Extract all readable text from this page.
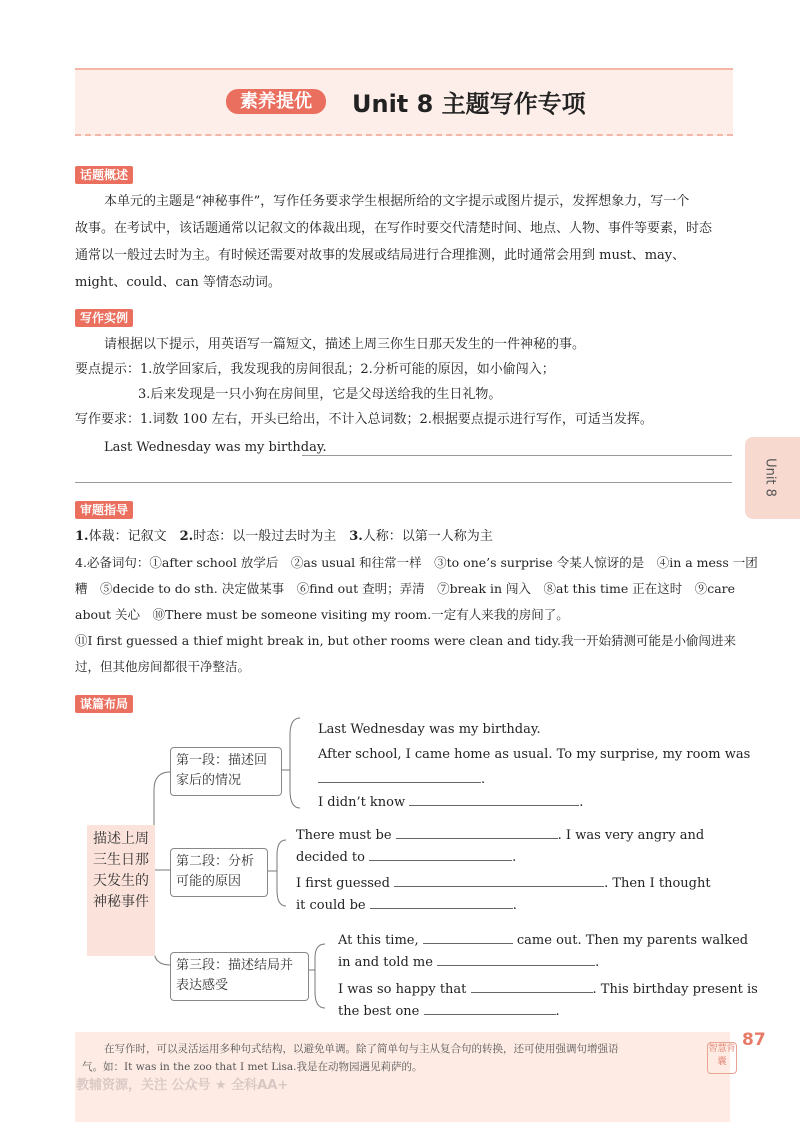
素养提优	Unit 8 主题写作专项
Unit 8
话题概述
本单元的主题是“神秘事件”，写作任务要求学生根据所给的文字提示或图片提示，发挥想象力，写一个
故事。在考试中，该话题通常以记叙文的体裁出现，在写作时要交代清楚时间、地点、人物、事件等要素，时态
通常以一般过去时为主。有时候还需要对故事的发展或结局进行合理推测，此时通常会用到 must、may、
might、could、can 等情态动词。
写作实例
请根据以下提示，用英语写一篇短文，描述上周三你生日那天发生的一件神秘的事。
要点提示：1.放学回家后，我发现我的房间很乱；2.分析可能的原因，如小偷闯入；
3.后来发现是一只小狗在房间里，它是父母送给我的生日礼物。
写作要求：1.词数 100 左右，开头已给出，不计入总词数；2.根据要点提示进行写作，可适当发挥。
Last Wednesday was my birthday.
审题指导
1.体裁：记叙文　 2.时态：以一般过去时为主　 3.人称：以第一人称为主
4.必备词句：①after school 放学后　②as usual 和往常一样　③to one’s surprise 令某人惊讶的是　④in a mess 一团
糟　⑤decide to do sth. 决定做某事　⑥find out 查明；弄清　⑦break in 闯入　⑧at this time 正在这时　⑨care
about 关心　⑩There must be someone visiting my room.一定有人来我的房间了。
⑪I first guessed a thief might break in, but other rooms were clean and tidy.我一开始猜测可能是小偷闯进来
过，但其他房间都很干净整洁。
谋篇布局
描述上周三生日那天发生的神秘事件
第一段：描述回家后的情况
Last Wednesday was my birthday.
After school, I came home as usual. To my surprise, my room was
.
I didn’t know	.
第二段：分析可能的原因
There must be	. I was very angry and
decided to	.
I first guessed	. Then I thought
it could be	.
第三段：描述结局并表达感受
At this time,	came out. Then my parents walked
in and told me	.
I was so happy that	. This birthday present is
the best one	.
在写作时，可以灵活运用多种句式结构，以避免单调。除了简单句与主从复合句的转换，还可使用强调句增强语
气。如：It was in the zoo that I met Lisa.我是在动物园遇见莉萨的。
教辅资源，关注 公众号 ★ 全科AA+
智慧背囊
87
